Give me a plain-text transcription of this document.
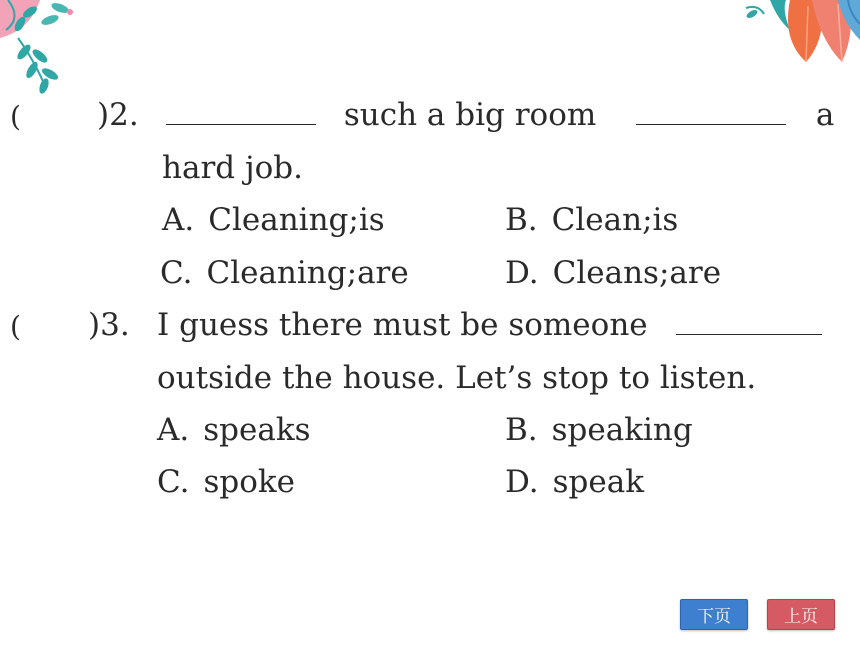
( )2.	such a big room	a
hard job.
A. Cleaning;is	B. Clean;is
C. Cleaning;are	D. Cleans;are
( )3. I guess there must be someone
outside the house. Let’s stop to listen.
A. speaks	B. speaking
C. spoke	D. speak
下页	上页
